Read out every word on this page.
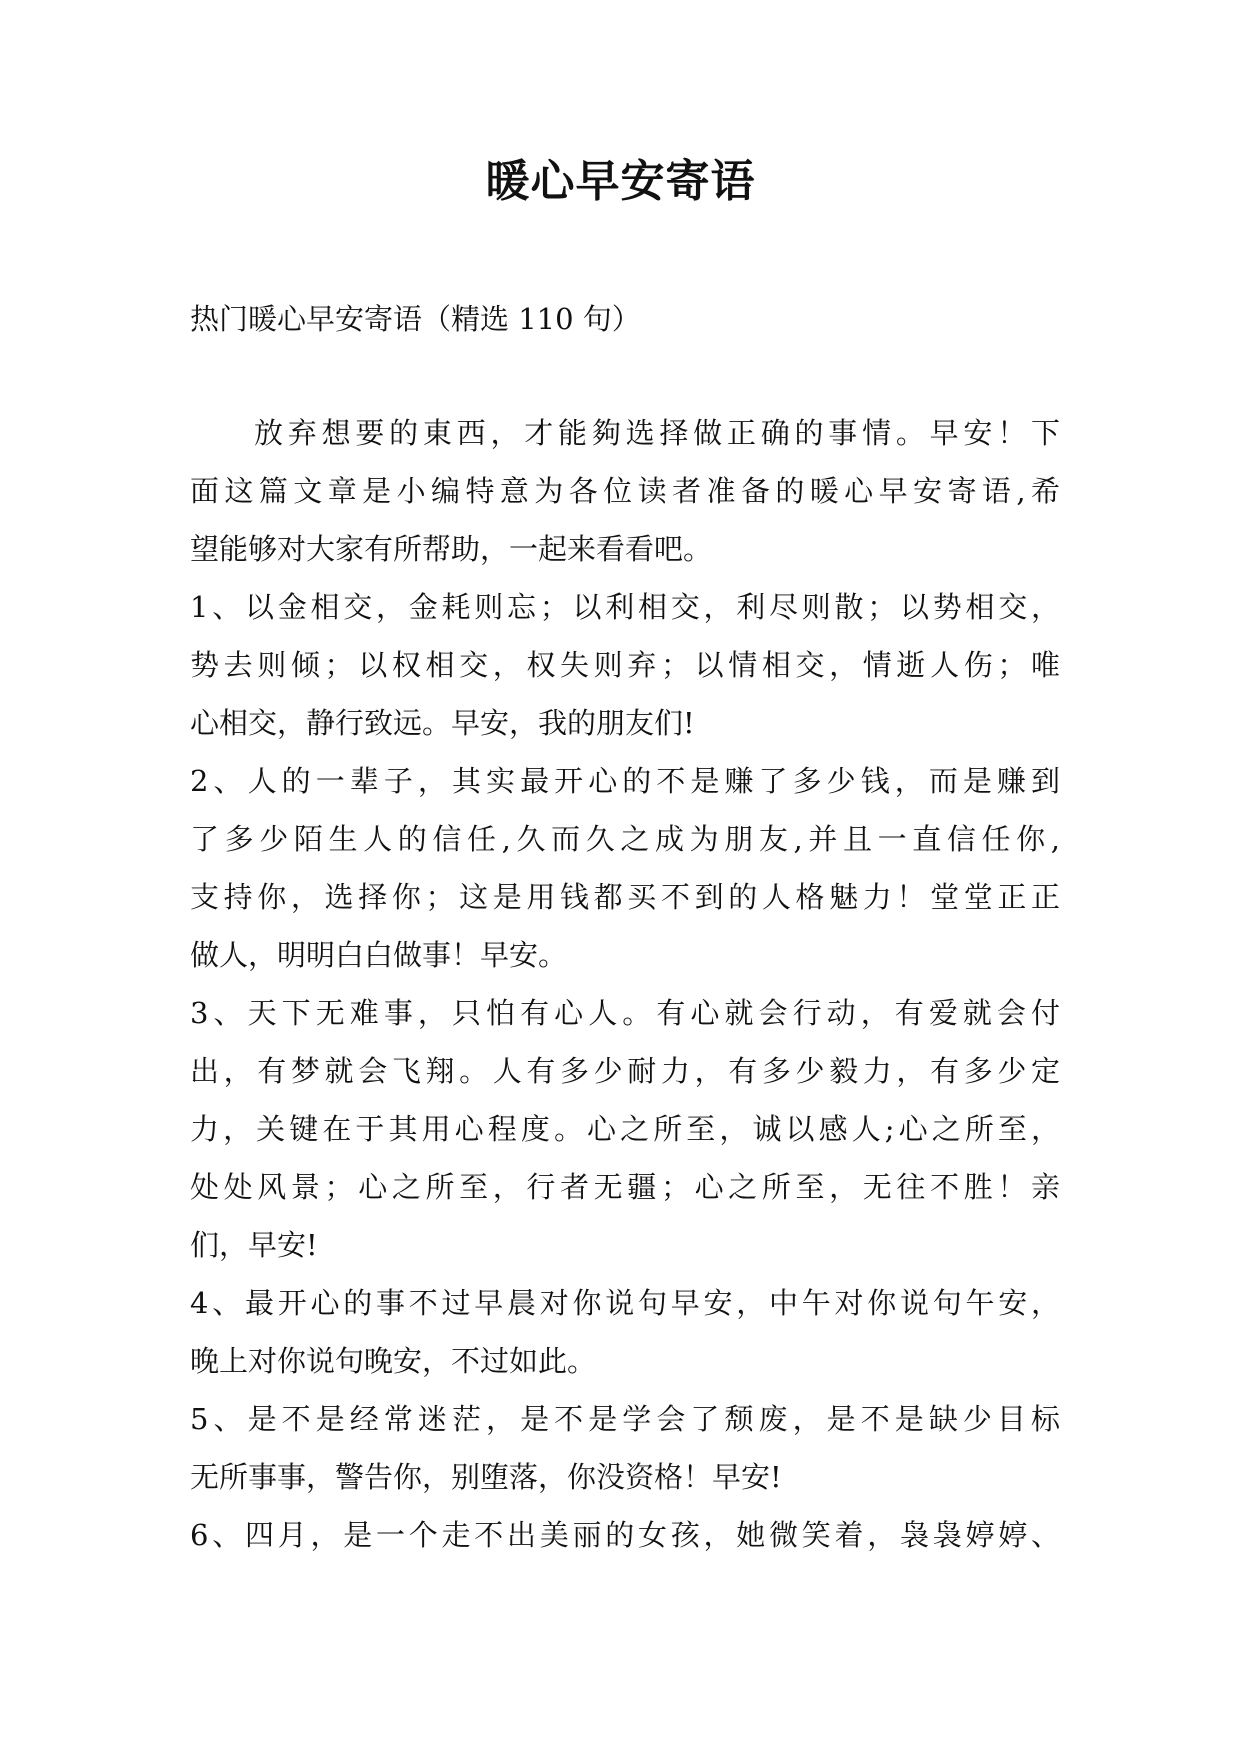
暖心早安寄语
热门暖心早安寄语（精选 110 句）
放弃想要的東西，才能夠选择做正确的事情。早安！下
面这篇文章是小编特意为各位读者准备的暖心早安寄语,希
望能够对大家有所帮助，一起来看看吧。
1、以金相交，金耗则忘；以利相交，利尽则散；以势相交，
势去则倾；以权相交，权失则弃；以情相交，情逝人伤；唯
心相交，静行致远。早安，我的朋友们!
2、人的一辈子，其实最开心的不是赚了多少钱，而是赚到
了多少陌生人的信任,久而久之成为朋友,并且一直信任你,
支持你，选择你；这是用钱都买不到的人格魅力！堂堂正正
做人，明明白白做事！早安。
3、天下无难事，只怕有心人。有心就会行动，有爱就会付
出，有梦就会飞翔。人有多少耐力，有多少毅力，有多少定
力，关键在于其用心程度。心之所至，诚以感人;心之所至，
处处风景；心之所至，行者无疆；心之所至，无往不胜！亲
们，早安!
4、最开心的事不过早晨对你说句早安，中午对你说句午安，
晚上对你说句晚安，不过如此。
5、是不是经常迷茫，是不是学会了颓废，是不是缺少目标
无所事事，警告你，别堕落，你没资格！早安!
6、四月，是一个走不出美丽的女孩，她微笑着，袅袅婷婷、
